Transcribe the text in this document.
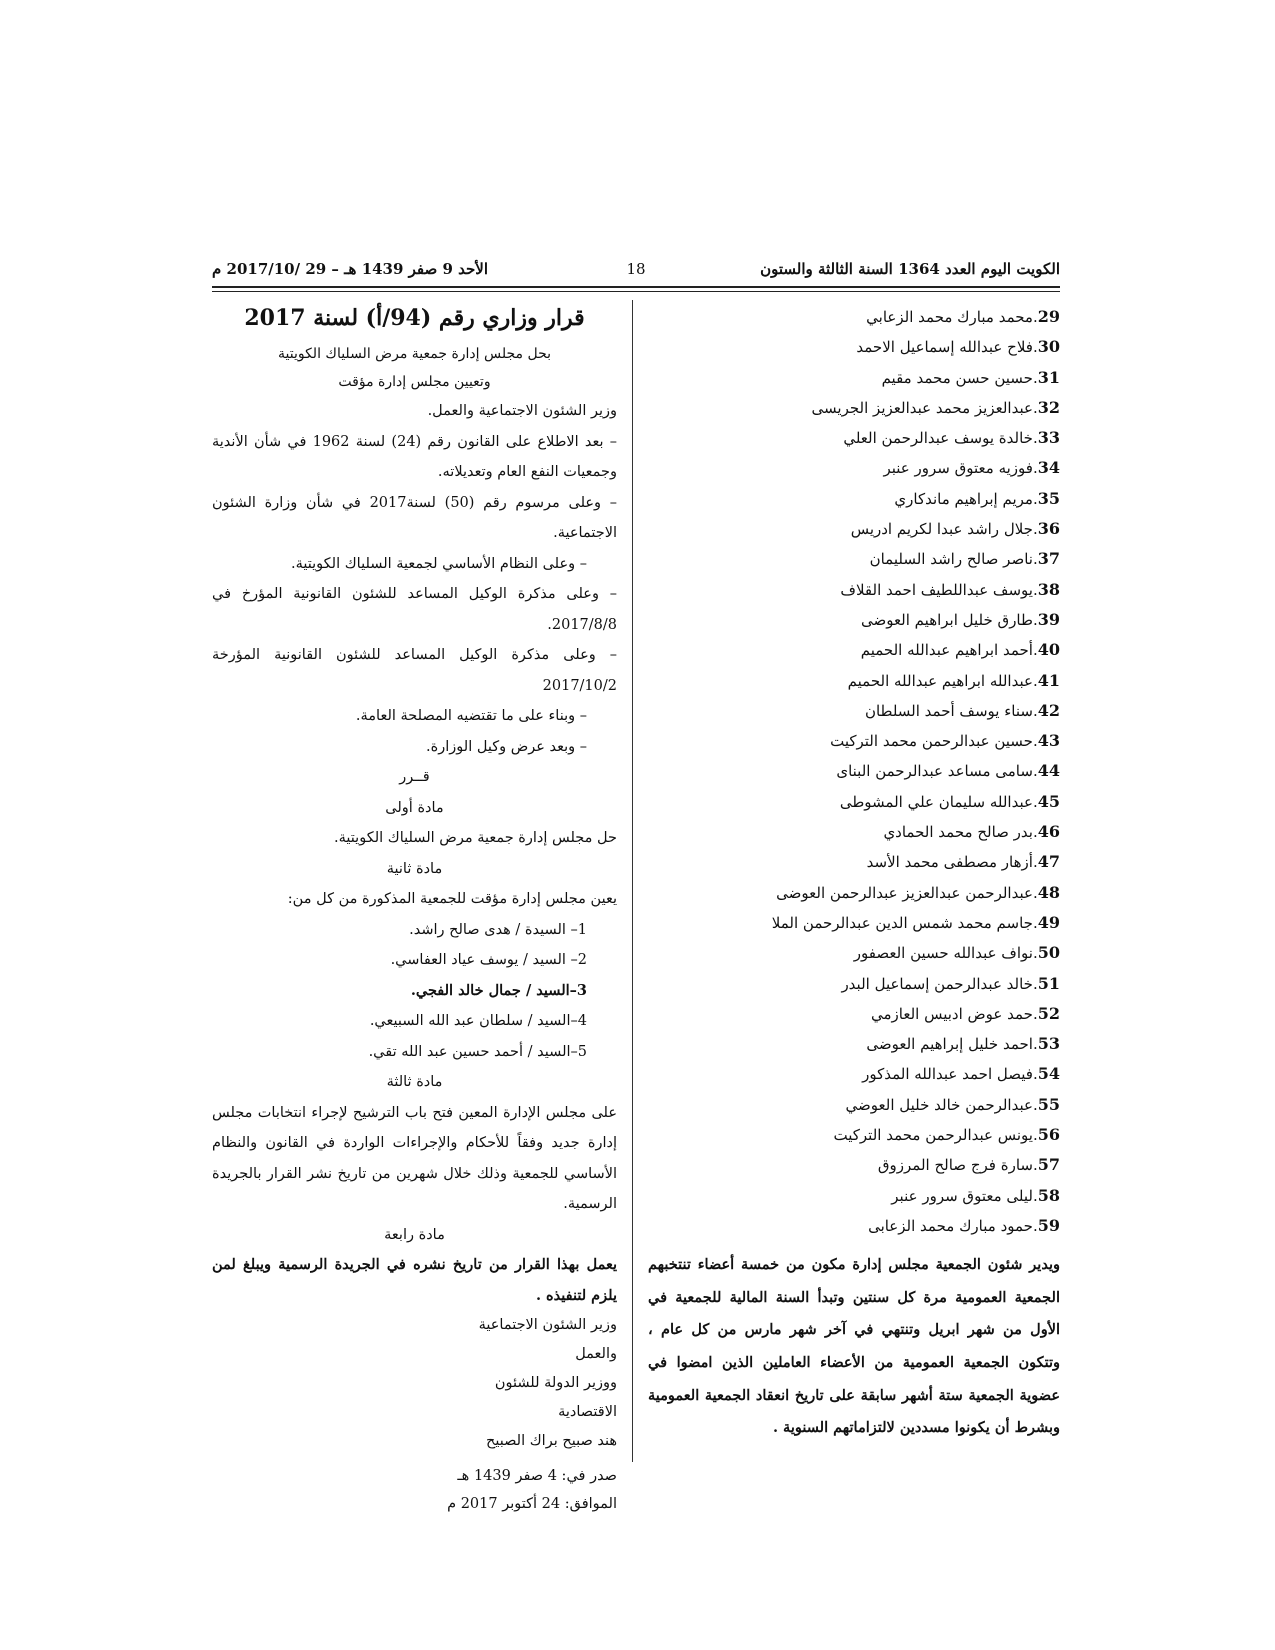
الكويت اليوم العدد 1364 السنة الثالثة والستون
18
الأحد 9 صفر 1439 هـ – 29 /2017/10 م
29.محمد مبارك محمد الزعابي
30.فلاح عبدالله إسماعيل الاحمد
31.حسين حسن محمد مقيم
32.عبدالعزيز محمد عبدالعزيز الجريسى
33.خالدة يوسف عبدالرحمن العلي
34.فوزيه معتوق سرور عنبر
35.مريم إبراهيم ماندكاري
36.جلال راشد عبدا لكريم ادريس
37.ناصر صالح راشد السليمان
38.يوسف عبداللطيف احمد القلاف
39.طارق خليل ابراهيم العوضى
40.أحمد ابراهيم عبدالله الحميم
41.عبدالله ابراهيم عبدالله الحميم
42.سناء يوسف أحمد السلطان
43.حسين عبدالرحمن محمد التركيت
44.سامى مساعد عبدالرحمن البناى
45.عبدالله سليمان علي المشوطى
46.بدر صالح محمد الحمادي
47.أزهار مصطفى محمد الأسد
48.عبدالرحمن عبدالعزيز عبدالرحمن العوضى
49.جاسم محمد شمس الدين عبدالرحمن الملا
50.نواف عبدالله حسين العصفور
51.خالد عبدالرحمن إسماعيل البدر
52.حمد عوض ادبيس العازمي
53.احمد خليل إبراهيم العوضى
54.فيصل احمد عبدالله المذكور
55.عبدالرحمن خالد خليل العوضي
56.يونس عبدالرحمن محمد التركيت
57.سارة فرج صالح المرزوق
58.ليلى معتوق سرور عنبر
59.حمود مبارك محمد الزعابى
ويدير شئون الجمعية مجلس إدارة مكون من خمسة أعضاء تنتخبهم الجمعية العمومية مرة كل سنتين وتبدأ السنة المالية للجمعية في الأول من شهر ابريل وتنتهي في آخر شهر مارس من كل عام ، وتتكون الجمعية العمومية من الأعضاء العاملين الذين امضوا في عضوية الجمعية ستة أشهر سابقة على تاريخ انعقاد الجمعية العمومية وبشرط أن يكونوا مسددين لالتزاماتهم السنوية .
قرار وزاري رقم (94/أ) لسنة 2017
بحل مجلس إدارة جمعية مرض السلياك الكويتية
وتعيين مجلس إدارة مؤقت
وزير الشئون الاجتماعية والعمل.
– بعد الاطلاع على القانون رقم (24) لسنة 1962 في شأن الأندية وجمعيات النفع العام وتعديلاته.
– وعلى مرسوم رقم (50) لسنة2017 في شأن وزارة الشئون الاجتماعية.
– وعلى النظام الأساسي لجمعية السلياك الكويتية.
– وعلى مذكرة الوكيل المساعد للشئون القانونية المؤرخ في 2017/8/8.
– وعلى مذكرة الوكيل المساعد للشئون القانونية المؤرخة 2017/10/2
– وبناء على ما تقتضيه المصلحة العامة.
– وبعد عرض وكيل الوزارة.
قــرر
مادة أولى
حل مجلس إدارة جمعية مرض السلياك الكويتية.
مادة ثانية
يعين مجلس إدارة مؤقت للجمعية المذكورة من كل من:
1– السيدة / هدى صالح راشد.
2– السيد / يوسف عياد العفاسي.
3–السيد / جمال خالد الفجي.
4–السيد / سلطان عبد الله السبيعي.
5–السيد / أحمد حسين عبد الله تقي.
مادة ثالثة
على مجلس الإدارة المعين فتح باب الترشيح لإجراء انتخابات مجلس إدارة جديد وفقاً للأحكام والإجراءات الواردة في القانون والنظام الأساسي للجمعية وذلك خلال شهرين من تاريخ نشر القرار بالجريدة الرسمية.
مادة رابعة
يعمل بهذا القرار من تاريخ نشره في الجريدة الرسمية ويبلغ لمن يلزم لتنفيذه .
وزير الشئون الاجتماعية والعمل
ووزير الدولة للشئون الاقتصادية
هند صبيح براك الصبيح
صدر في: 4 صفر 1439 هـ
الموافق: 24 أكتوبر 2017 م
